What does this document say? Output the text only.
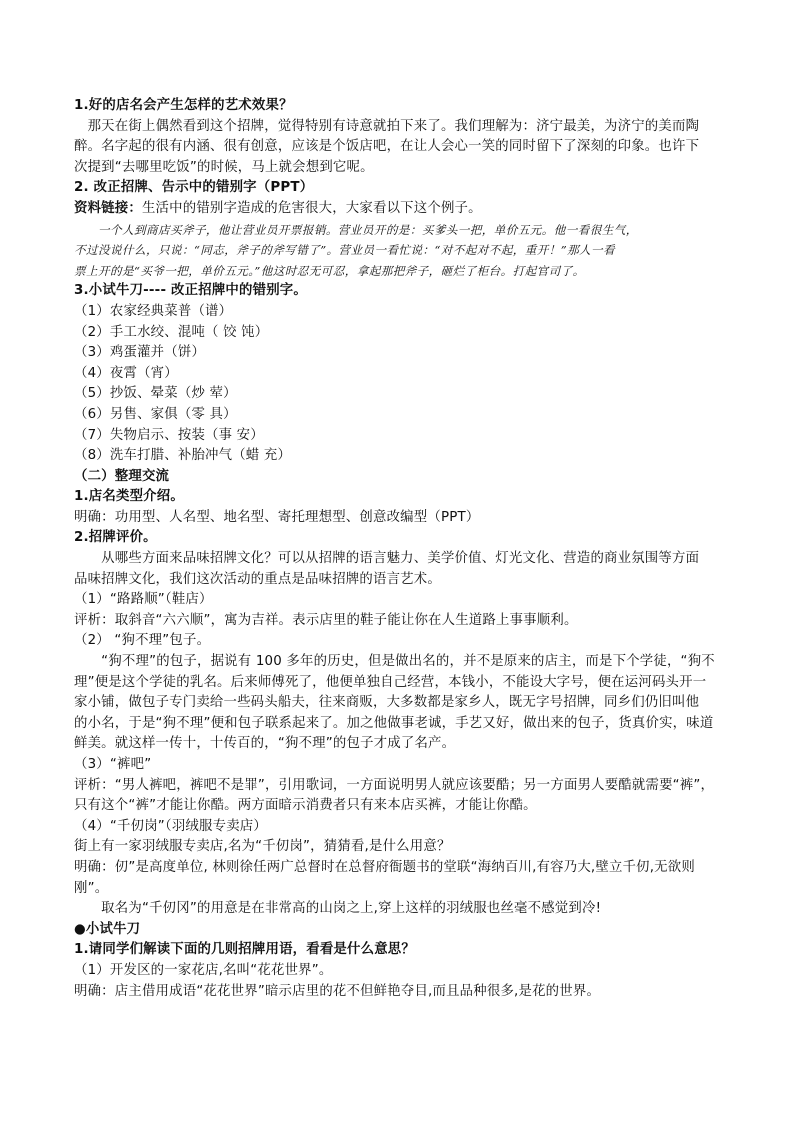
1.好的店名会产生怎样的艺术效果？
　那天在街上偶然看到这个招牌，觉得特别有诗意就拍下来了。我们理解为：济宁最美，为济宁的美而陶
醉。名字起的很有内涵、很有创意，应该是个饭店吧，在让人会心一笑的同时留下了深刻的印象。也许下
次提到“去哪里吃饭”的时候，马上就会想到它呢。
2. 改正招牌、告示中的错别字（PPT）
资料链接：生活中的错别字造成的危害很大，大家看以下这个例子。
　　一个人到商店买斧子，他让营业员开票报销。营业员开的是：买爹头一把，单价五元。他一看很生气，
不过没说什么，只说：“同志，斧子的斧写错了”。营业员一看忙说：“对不起对不起，重开！”那人一看
票上开的是“买爷一把，单价五元。”他这时忍无可忍，拿起那把斧子，砸烂了柜台。打起官司了。
3.小试牛刀---- 改正招牌中的错别字。
（1）农家经典菜普（谱）
（2）手工水绞、混吨（ 饺 饨）
（3）鸡蛋灌并（饼）
（4）夜霄（宵）
（5）抄饭、晕菜（炒 荤）
（6）另售、家俱（零 具）
（7）失物启示、按装（事 安）
（8）洗车打腊、补胎冲气（蜡 充）
（二）整理交流
1.店名类型介绍。
明确：功用型、人名型、地名型、寄托理想型、创意改编型（PPT）
2.招牌评价。
　　从哪些方面来品味招牌文化？可以从招牌的语言魅力、美学价值、灯光文化、营造的商业氛围等方面
品味招牌文化，我们这次活动的重点是品味招牌的语言艺术。
（1）“路路顺”（鞋店）
评析：取斜音“六六顺”，寓为吉祥。表示店里的鞋子能让你在人生道路上事事顺利。
（2） “狗不理”包子。
　　“狗不理”的包子，据说有 100 多年的历史，但是做出名的，并不是原来的店主，而是下个学徒，“狗不
理”便是这个学徒的乳名。后来师傅死了，他便单独自己经营，本钱小，不能设大字号，便在运河码头开一
家小铺，做包子专门卖给一些码头船夫，往来商贩，大多数都是家乡人，既无字号招牌，同乡们仍旧叫他
的小名，于是“狗不理”便和包子联系起来了。加之他做事老诚，手艺又好，做出来的包子，货真价实，味道
鲜美。就这样一传十，十传百的，“狗不理”的包子才成了名产。
（3）“裤吧”
评析：“男人裤吧，裤吧不是罪”，引用歌词，一方面说明男人就应该要酷；另一方面男人要酷就需要“裤”，
只有这个“裤”才能让你酷。两方面暗示消费者只有来本店买裤，才能让你酷。
（4）“千仞岗”（羽绒服专卖店）
街上有一家羽绒服专卖店,名为“千仞岗”，猜猜看,是什么用意？
明确：仞”是高度单位, 林则徐任两广总督时在总督府衙题书的堂联“海纳百川,有容乃大,壁立千仞,无欲则
刚”。
　　取名为“千仞冈”的用意是在非常高的山岗之上,穿上这样的羽绒服也丝毫不感觉到冷!
●小试牛刀
1.请同学们解读下面的几则招牌用语，看看是什么意思？
（1）开发区的一家花店,名叫“花花世界”。
明确：店主借用成语“花花世界”暗示店里的花不但鲜艳夺目,而且品种很多,是花的世界。
